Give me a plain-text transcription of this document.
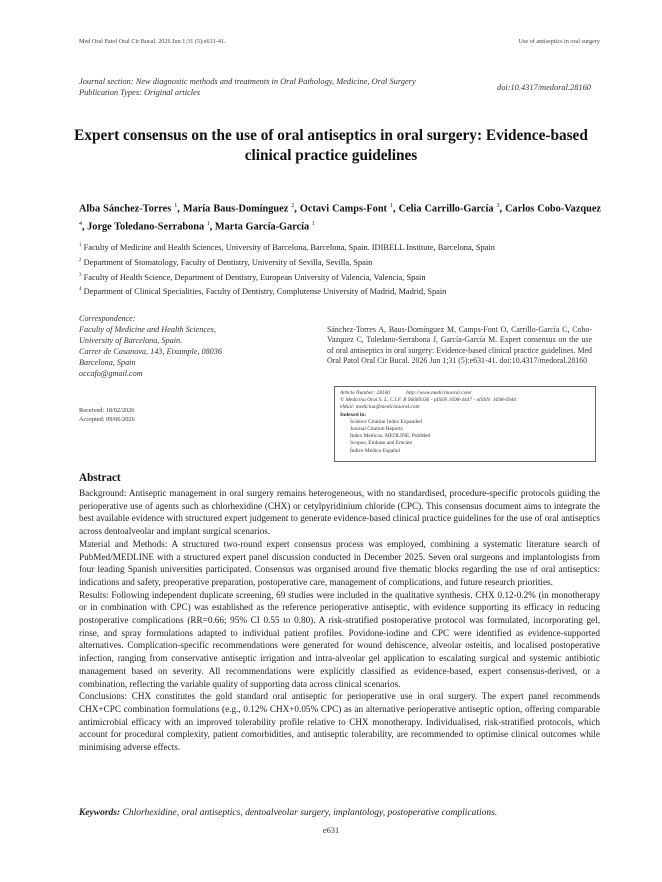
Med Oral Patol Oral Cir Bucal. 2026 Jun 1;31 (5):e631-41.	Use of antiseptics in oral surgery
Journal section: New diagnostic methods and treatments in Oral Pathology, Medicine, Oral Surgery
Publication Types: Original articles	doi:10.4317/medoral.28160
Expert consensus on the use of oral antiseptics in oral surgery: Evidence-based clinical practice guidelines
Alba Sánchez-Torres $^1$, María Baus-Domínguez $^2$, Octavi Camps-Font $^1$, Celia Carrillo-García $^3$, Carlos Cobo-Vazquez $^4$, Jorge Toledano-Serrabona $^1$, Marta García-García $^1$
$^1$ Faculty of Medicine and Health Sciences, University of Barcelona, Barcelona, Spain. IDIBELL Institute, Barcelona, Spain
$^2$ Department of Stomatology, Faculty of Dentistry, University of Sevilla, Sevilla, Spain
$^3$ Faculty of Health Science, Department of Dentistry, European University of Valencia, Valencia, Spain
$^4$ Department of Clinical Specialities, Faculty of Dentistry, Complutense University of Madrid, Madrid, Spain
Correspondence:
Faculty of Medicine and Health Sciences,
University of Barcelona, Spain.
Carrer de Casanova, 143, Eixample, 08036
Barcelona, Spain
occafo@gmail.com
Sánchez-Torres A, Baus-Domínguez M, Camps-Font O, Carrillo-García C, Cobo-Vazquez C, Toledano-Serrabona J, García-García M. Expert consensus on the use of oral antiseptics in oral surgery: Evidence-based clinical practice guidelines. Med Oral Patol Oral Cir Bucal. 2026 Jun 1;31 (5):e631-41. doi:10.4317/medoral.28160
Received: 18/02/2026
Accepted: 09/06/2026
Article Number: 28160            http://www.medicinaoral.com/
© Medicina Oral S. L. C.I.F. B 96689336 - pISSN 1698-4447 - eISSN: 1698-6946
eMail: medicina@medicinaoral.com
Indexed in:
Science Citation Index Expanded
Journal Citation Reports
Index Medicus, MEDLINE, PubMed
Scopus, Embase and Emcare
Índice Médico Español
Abstract

Background: Antiseptic management in oral surgery remains heterogeneous, with no standardised, procedure-specific protocols guiding the perioperative use of agents such as chlorhexidine (CHX) or cetylpyridinium chloride (CPC). This consensus document aims to integrate the best available evidence with structured expert judgement to generate evidence-based clinical practice guidelines for the use of oral antiseptics across dentoalveolar and implant surgical scenarios.

Material and Methods: A structured two-round expert consensus process was employed, combining a systematic literature search of PubMed/MEDLINE with a structured expert panel discussion conducted in December 2025. Seven oral surgeons and implantologists from four leading Spanish universities participated. Consensus was organised around five thematic blocks regarding the use of oral antiseptics: indications and safety, preoperative preparation, postoperative care, management of complications, and future research priorities.

Results: Following independent duplicate screening, 69 studies were included in the qualitative synthesis. CHX 0.12-0.2% (in monotherapy or in combination with CPC) was established as the reference perioperative antiseptic, with evidence supporting its efficacy in reducing postoperative complications (RR=0.66; 95% CI 0.55 to 0.80). A risk-stratified postoperative protocol was formulated, incorporating gel, rinse, and spray formulations adapted to individual patient profiles. Povidone-iodine and CPC were identified as evidence-supported alternatives. Complication-specific recommendations were generated for wound dehiscence, alveolar osteitis, and localised postoperative infection, ranging from conservative antiseptic irrigation and intra-alveolar gel application to escalating surgical and systemic antibiotic management based on severity. All recommendations were explicitly classified as evidence-based, expert consensus-derived, or a combination, reflecting the variable quality of supporting data across clinical scenarios.

Conclusions: CHX constitutes the gold standard oral antiseptic for perioperative use in oral surgery. The expert panel recommends CHX+CPC combination formulations (e.g., 0.12% CHX+0.05% CPC) as an alternative perioperative antiseptic option, offering comparable antimicrobial efficacy with an improved tolerability profile relative to CHX monotherapy. Individualised, risk-stratified protocols, which account for procedural complexity, patient comorbidities, and antiseptic tolerability, are recommended to optimise clinical outcomes while minimising adverse effects.

Keywords: Chlorhexidine, oral antiseptics, dentoalveolar surgery, implantology, postoperative complications.
e631
